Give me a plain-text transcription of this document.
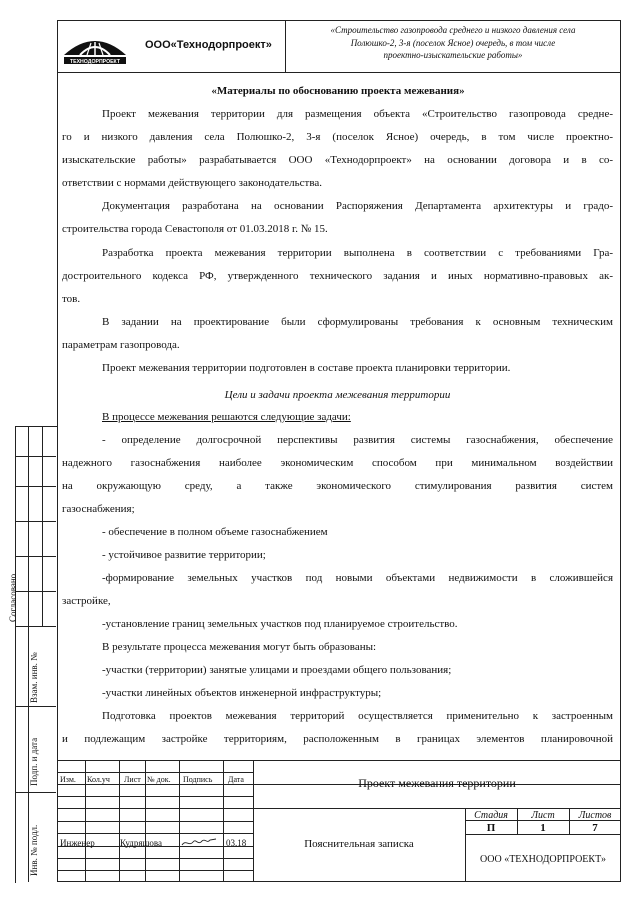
ТЕХНОДОРПРОЕКТ
ООО«Технодорпроект»
«Строительство газопровода среднего и низкого давления села
Полюшко-2, 3-я (поселок Ясное) очередь, в том числе
проектно-изыскательские работы»
«Материалы по обоснованию проекта межевания»
Проект межевания территории для размещения объекта «Строительство газопровода средне-
го и низкого давления села Полюшко-2, 3-я (поселок Ясное) очередь, в том числе проектно-
изыскательские работы» разрабатывается ООО «Технодорпроект» на основании договора и в со-
ответствии с нормами действующего законодательства.
Документация разработана на основании Распоряжения Департамента архитектуры и градо-
строительства города Севастополя от 01.03.2018 г. № 15.
Разработка проекта межевания территории выполнена в соответствии с требованиями Гра-
достроительного кодекса РФ, утвержденного технического задания и иных нормативно-правовых ак-
тов.
В задании на проектирование были сформулированы требования к основным техническим
параметрам газопровода.
Проект межевания территории подготовлен в составе проекта планировки территории.
Цели и задачи проекта межевания территории
В процессе межевания решаются следующие задачи:
- определение долгосрочной перспективы развития системы газоснабжения, обеспечение
надежного газоснабжения наиболее экономическим способом при минимальном воздействии
на окружающую среду, а также экономического стимулирования развития систем
газоснабжения;
- обеспечение в полном объеме газоснабжением
- устойчивое развитие территории;
-формирование земельных участков под новыми объектами недвижимости в сложившейся
застройке,
-установление границ земельных участков под планируемое строительство.
В результате процесса межевания могут быть образованы:
-участки (территории) занятые улицами и проездами общего пользования;
-участки линейных объектов инженерной инфраструктуры;
Подготовка проектов межевания территорий осуществляется применительно к застроенным
и подлежащим застройке территориям, расположенным в границах элементов планировочной
Согласовано
Взам. инв. №
Подп. и дата
Инв. № подл.
Изм. Кол.уч Лист № док. Подпись Дата	Проект межевания территории
Пояснительная записка
Стадия	Лист	Листов
П	1	7
ООО «ТЕХНОДОРПРОЕКТ»
Инженер	Кудряшова	03.18
